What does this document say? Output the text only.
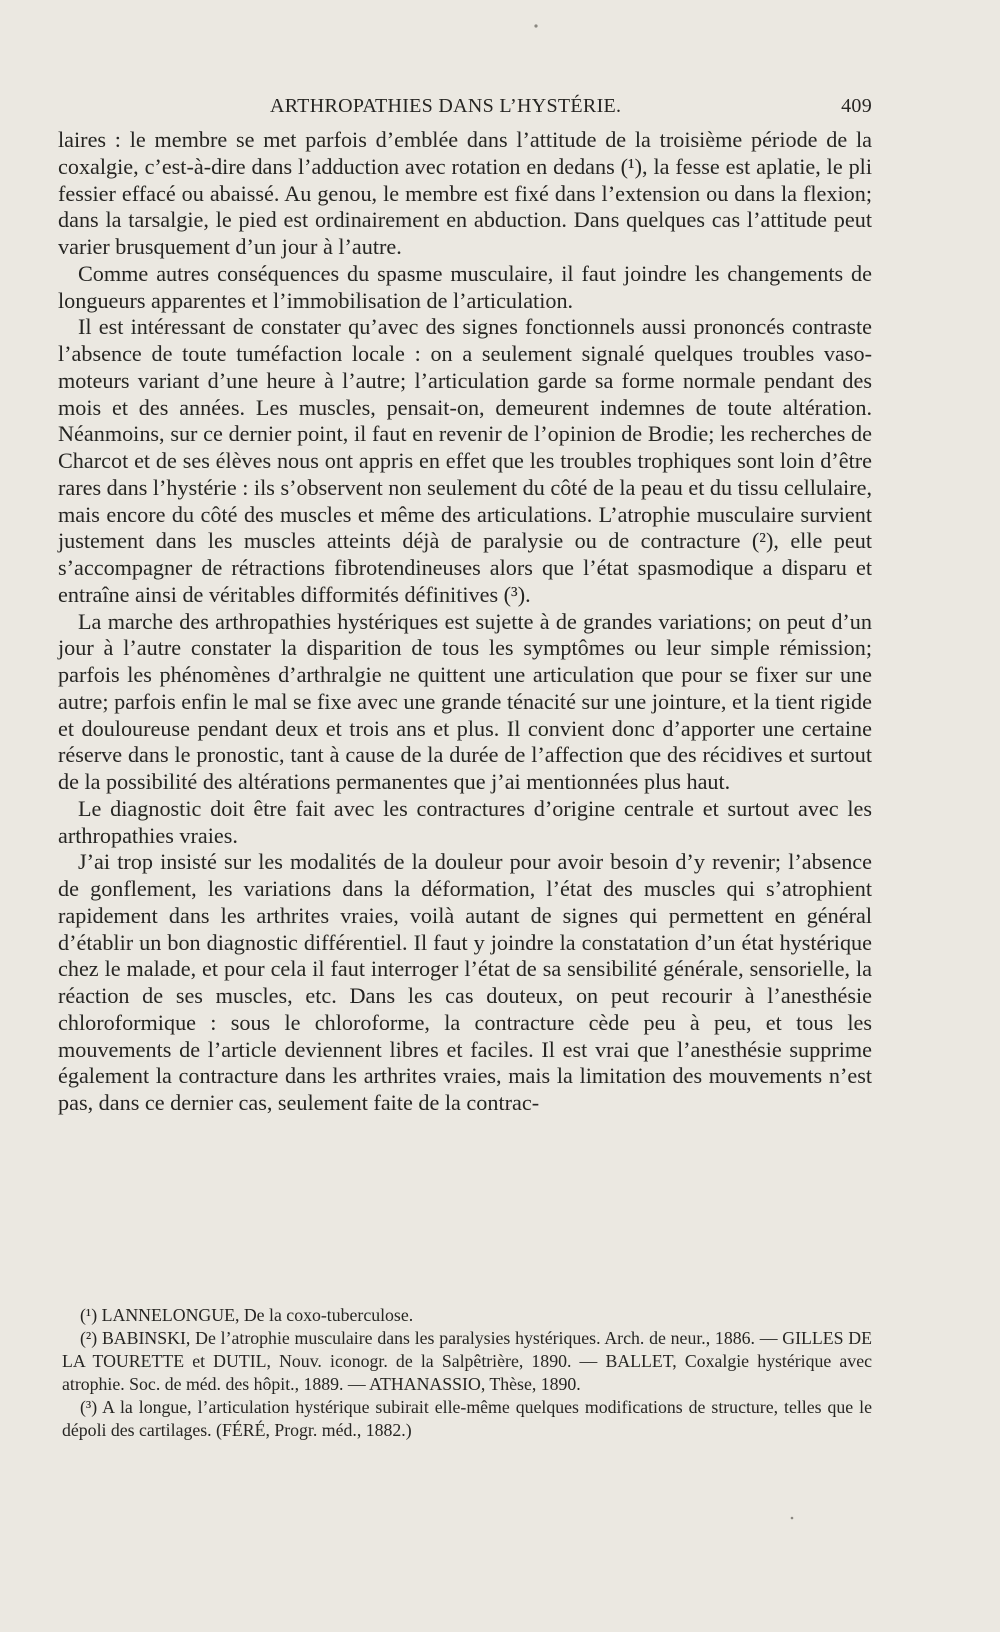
ARTHROPATHIES DANS L’HYSTÉRIE.	409

laires : le membre se met parfois d’emblée dans l’attitude de la troisième période de la coxalgie, c’est-à-dire dans l’adduction avec rotation en dedans (¹), la fesse est aplatie, le pli fessier effacé ou abaissé. Au genou, le membre est fixé dans l’extension ou dans la flexion; dans la tarsalgie, le pied est ordinairement en abduction. Dans quelques cas l’attitude peut varier brusquement d’un jour à l’autre.

Comme autres conséquences du spasme musculaire, il faut joindre les changements de longueurs apparentes et l’immobilisation de l’articulation.

Il est intéressant de constater qu’avec des signes fonctionnels aussi prononcés contraste l’absence de toute tuméfaction locale : on a seulement signalé quelques troubles vaso-moteurs variant d’une heure à l’autre; l’articulation garde sa forme normale pendant des mois et des années. Les muscles, pensait-on, demeurent indemnes de toute altération. Néanmoins, sur ce dernier point, il faut en revenir de l’opinion de Brodie; les recherches de Charcot et de ses élèves nous ont appris en effet que les troubles trophiques sont loin d’être rares dans l’hystérie : ils s’observent non seulement du côté de la peau et du tissu cellulaire, mais encore du côté des muscles et même des articulations. L’atrophie musculaire survient justement dans les muscles atteints déjà de paralysie ou de contracture (²), elle peut s’accompagner de rétractions fibrotendineuses alors que l’état spasmodique a disparu et entraîne ainsi de véritables difformités définitives (³).

La marche des arthropathies hystériques est sujette à de grandes variations; on peut d’un jour à l’autre constater la disparition de tous les symptômes ou leur simple rémission; parfois les phénomènes d’arthralgie ne quittent une articulation que pour se fixer sur une autre; parfois enfin le mal se fixe avec une grande ténacité sur une jointure, et la tient rigide et douloureuse pendant deux et trois ans et plus. Il convient donc d’apporter une certaine réserve dans le pronostic, tant à cause de la durée de l’affection que des récidives et surtout de la possibilité des altérations permanentes que j’ai mentionnées plus haut.

Le diagnostic doit être fait avec les contractures d’origine centrale et surtout avec les arthropathies vraies.

J’ai trop insisté sur les modalités de la douleur pour avoir besoin d’y revenir; l’absence de gonflement, les variations dans la déformation, l’état des muscles qui s’atrophient rapidement dans les arthrites vraies, voilà autant de signes qui permettent en général d’établir un bon diagnostic différentiel. Il faut y joindre la constatation d’un état hystérique chez le malade, et pour cela il faut interroger l’état de sa sensibilité générale, sensorielle, la réaction de ses muscles, etc. Dans les cas douteux, on peut recourir à l’anesthésie chloroformique : sous le chloroforme, la contracture cède peu à peu, et tous les mouvements de l’article deviennent libres et faciles. Il est vrai que l’anesthésie supprime également la contracture dans les arthrites vraies, mais la limitation des mouvements n’est pas, dans ce dernier cas, seulement faite de la contrac-

(¹) LANNELONGUE, De la coxo-tuberculose.

(²) BABINSKI, De l’atrophie musculaire dans les paralysies hystériques. Arch. de neur., 1886. — GILLES DE LA TOURETTE et DUTIL, Nouv. iconogr. de la Salpêtrière, 1890. — BALLET, Coxalgie hystérique avec atrophie. Soc. de méd. des hôpit., 1889. — ATHANASSIO, Thèse, 1890.

(³) A la longue, l’articulation hystérique subirait elle-même quelques modifications de structure, telles que le dépoli des cartilages. (FÉRÉ, Progr. méd., 1882.)
